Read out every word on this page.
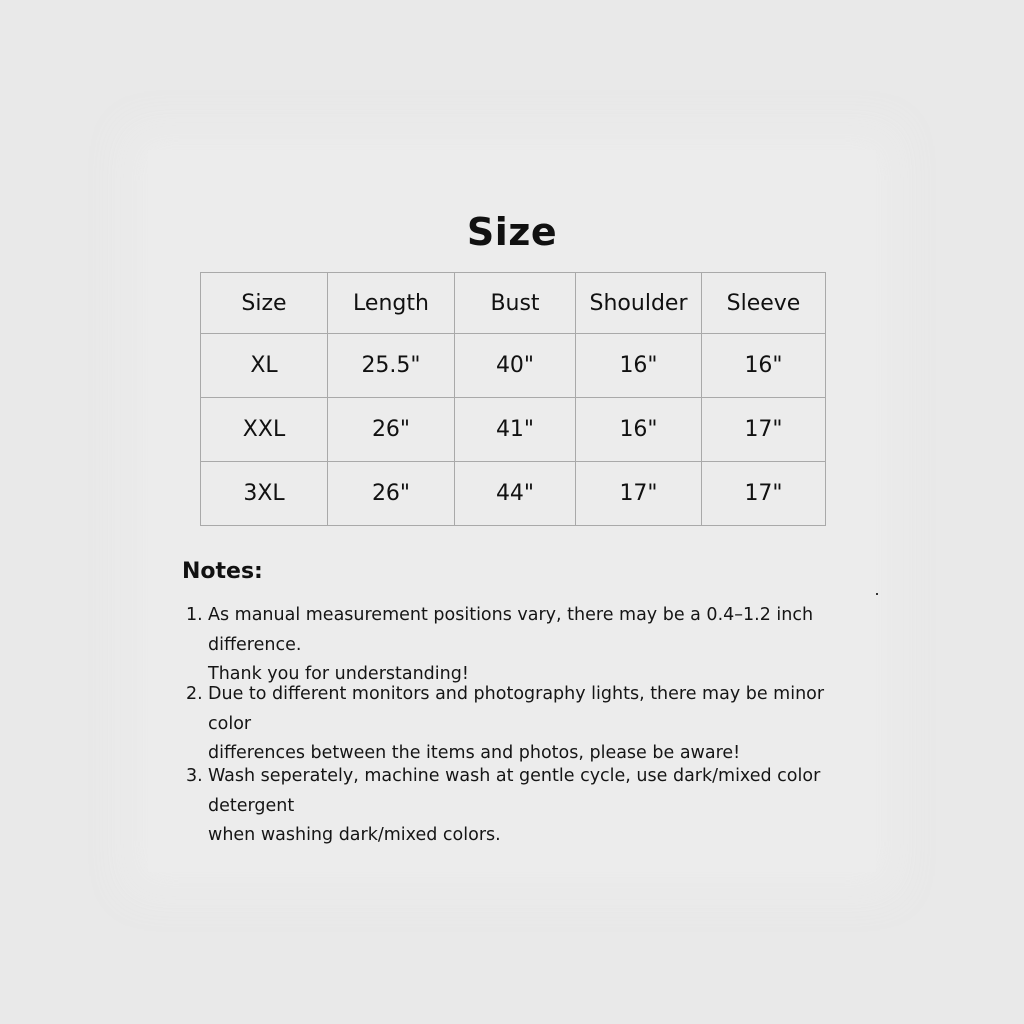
Size
Size	Length	Bust	Shoulder	Sleeve
XL	25.5"	40"	16"	16"
XXL	26"	41"	16"	17"
3XL	26"	44"	17"	17"
Notes:
1. As manual measurement positions vary, there may be a 0.4–1.2 inch difference.
Thank you for understanding!
2. Due to different monitors and photography lights, there may be minor color
differences between the items and photos, please be aware!
3. Wash seperately, machine wash at gentle cycle, use dark/mixed color detergent
when washing dark/mixed colors.
